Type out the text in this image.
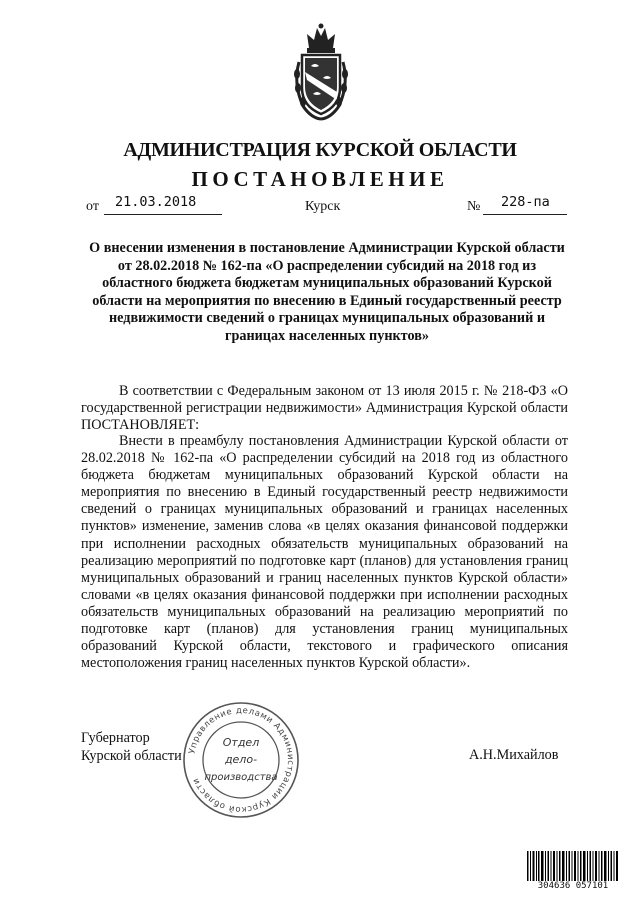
АДМИНИСТРАЦИЯ КУРСКОЙ ОБЛАСТИ
ПОСТАНОВЛЕНИЕ
от 21.03.2018	Курск	№ 228-па
О внесении изменения в постановление Администрации Курской области от 28.02.2018 № 162-па «О распределении субсидий на 2018 год из областного бюджета бюджетам муниципальных образований Курской области на мероприятия по внесению в Единый государственный реестр недвижимости сведений о границах муниципальных образований и границах населенных пунктов»
В соответствии с Федеральным законом от 13 июля 2015 г. № 218-ФЗ «О государственной регистрации недвижимости» Администрация Курской области ПОСТАНОВЛЯЕТ:
Внести в преамбулу постановления Администрации Курской области от 28.02.2018 № 162-па «О распределении субсидий на 2018 год из областного бюджета бюджетам муниципальных образований Курской области на мероприятия по внесению в Единый государственный реестр недвижимости сведений о границах муниципальных образований и границах населенных пунктов» изменение, заменив слова «в целях оказания финансовой поддержки при исполнении расходных обязательств муниципальных образований на реализацию мероприятий по подготовке карт (планов) для установления границ муниципальных образований и границ населенных пунктов Курской области» словами «в целях оказания финансовой поддержки при исполнении расходных обязательств муниципальных образований на реализацию мероприятий по подготовке карт (планов) для установления границ муниципальных образований Курской области, текстового и графического описания местоположения границ населенных пунктов Курской области».
Губернатор
Курской области	А.Н.Михайлов
Управление делами Администрации Курской области
Отдел
дело-
производства
304636 057101
